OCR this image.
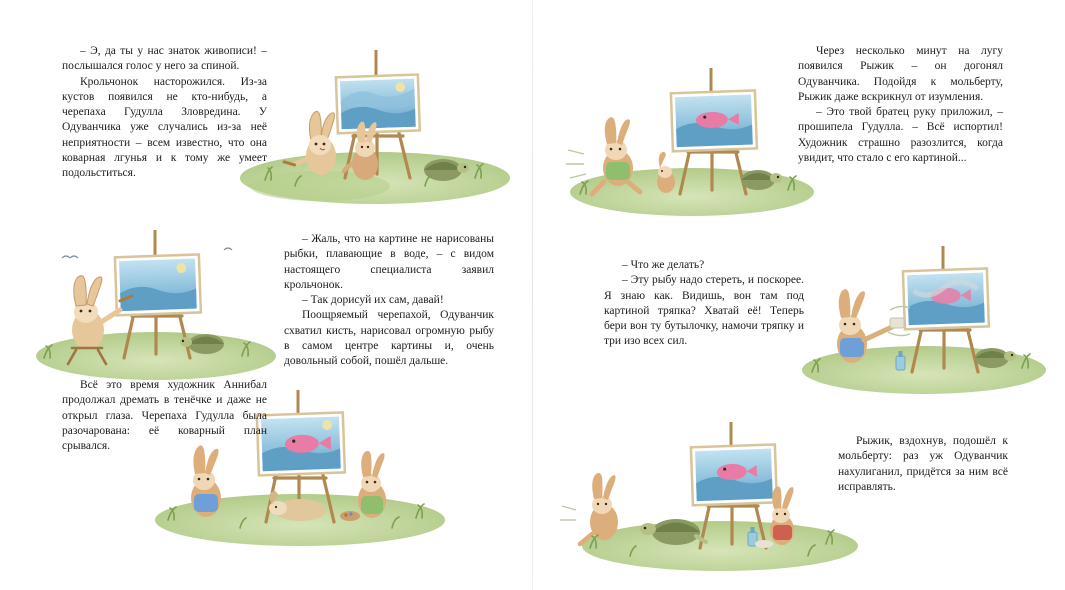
– Э, да ты у нас знаток живописи! – послышался голос у него за спиной.

Крольчонок насторожился. Из-за кустов появился не кто-нибудь, а черепаха Гудулла Зловредина. У Одуванчика уже случались из-за неё неприятности – всем известно, что она коварная лгунья и к тому же умеет подольститься.

– Жаль, что на картине не нарисованы рыбки, плавающие в воде, – с видом настоящего специалиста заявил крольчонок.

– Так дорисуй их сам, давай!

Поощряемый черепахой, Одуванчик схватил кисть, нарисовал огромную рыбу в самом центре картины и, очень довольный собой, пошёл дальше.

Всё это время художник Аннибал продолжал дремать в тенёчке и даже не открыл глаза. Черепаха Гудулла была разочарована: её коварный план срывался.

Через несколько минут на лугу появился Рыжик – он догонял Одуванчика. Подойдя к мольберту, Рыжик даже вскрикнул от изумления.

– Это твой братец руку приложил, – прошипела Гудулла. – Всё испортил! Художник страшно разозлится, когда увидит, что стало с его картиной...

– Что же делать?

– Эту рыбу надо стереть, и поскорее. Я знаю как. Видишь, вон там под картиной тряпка? Хватай её! Теперь бери вон ту бутылочку, намочи тряпку и три изо всех сил.

Рыжик, вздохнув, подошёл к мольберту: раз уж Одуванчик нахулиганил, придётся за ним всё исправлять.
